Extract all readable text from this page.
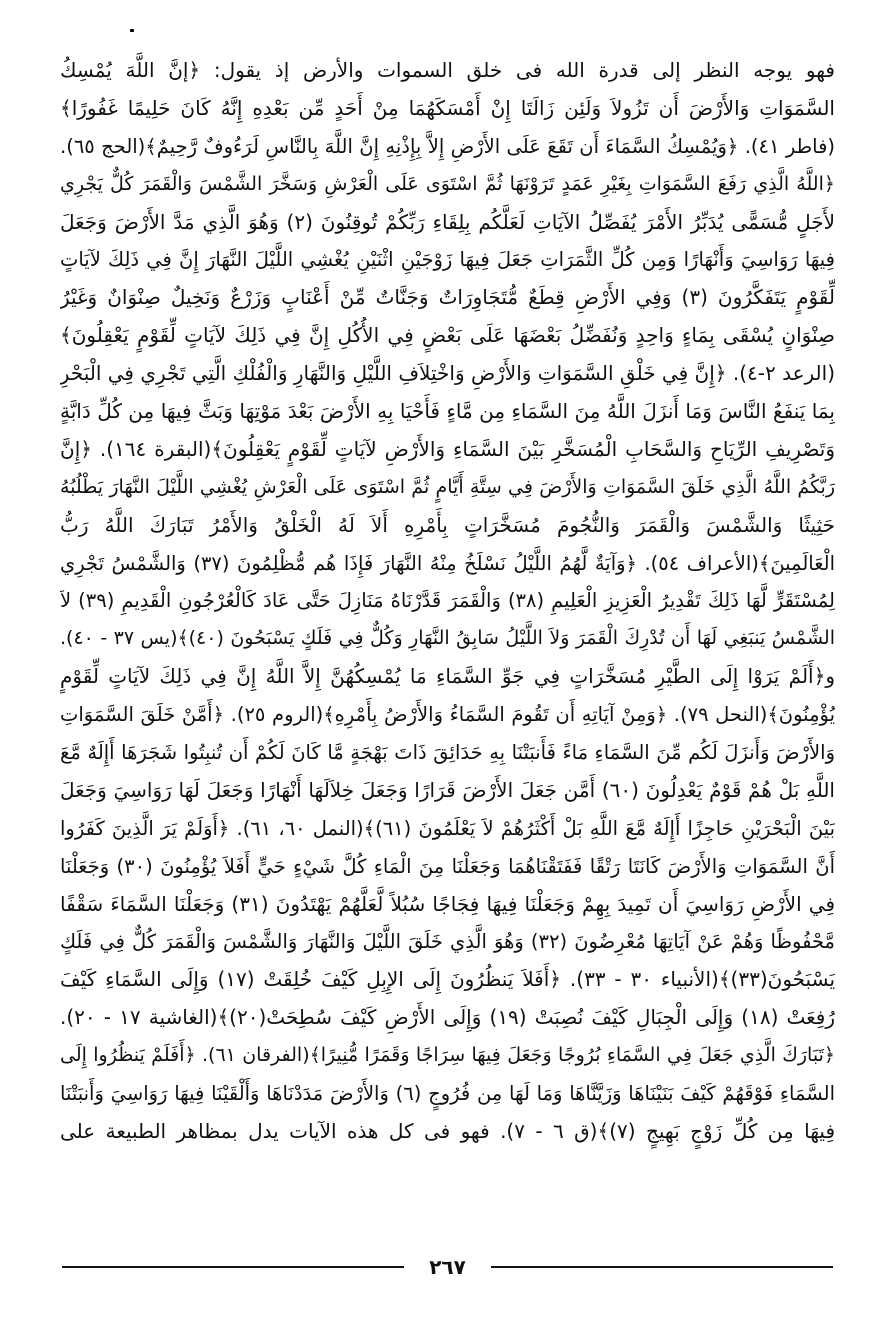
فهو يوجه النظر إلى قدرة الله فى خلق السموات والأرض إذ يقول: ﴿إنَّ اللَّهَ يُمْسِكُ
السَّمَوَاتِ وَالأَرْضَ أَن تَزُولاَ وَلَئِن زَالَتَا إِنْ أَمْسَكَهُمَا مِنْ أَحَدٍ مِّن بَعْدِهِ إِنَّهُ كَانَ حَلِيمًا غَفُورًا﴾
(فاطر ٤١). ﴿وَيُمْسِكُ السَّمَاءَ أَن تَقَعَ عَلَى الأَرْضِ إِلاَّ بِإِذْنِهِ إِنَّ اللَّهَ بِالنَّاسِ لَرَءُوفٌ رَّحِيمٌ﴾(الحج ٦٥).
﴿اللَّهُ الَّذِي رَفَعَ السَّمَوَاتِ بِغَيْرِ عَمَدٍ تَرَوْنَهَا ثُمَّ اسْتَوَى عَلَى الْعَرْشِ وَسَخَّرَ الشَّمْسَ وَالْقَمَرَ كُلٌّ يَجْرِي
لأَجَلٍ مُّسَمًّى يُدَبِّرُ الأَمْرَ يُفَصِّلُ الآيَاتِ لَعَلَّكُم بِلِقَاءِ رَبِّكُمْ تُوقِنُونَ (٢) وَهُوَ الَّذِي مَدَّ الأَرْضَ وَجَعَلَ
فِيهَا رَوَاسِيَ وَأَنْهَارًا وَمِن كُلِّ الثَّمَرَاتِ جَعَلَ فِيهَا زَوْجَيْنِ اثْنَيْنِ يُغْشِي اللَّيْلَ النَّهَارَ إِنَّ فِي ذَلِكَ لآيَاتٍ
لِّقَوْمٍ يَتَفَكَّرُونَ (٣) وَفِي الأَرْضِ قِطَعٌ مُّتَجَاوِرَاتٌ وَجَنَّاتٌ مِّنْ أَعْنَابٍ وَزَرْعٌ وَنَخِيلٌ صِنْوَانٌ وَغَيْرُ
صِنْوَانٍ يُسْقَى بِمَاءٍ وَاحِدٍ وَنُفَضِّلُ بَعْضَهَا عَلَى بَعْضٍ فِي الأُكُلِ إِنَّ فِي ذَلِكَ لآيَاتٍ لِّقَوْمٍ يَعْقِلُونَ﴾
(الرعد ٢-٤). ﴿إِنَّ فِي خَلْقِ السَّمَوَاتِ وَالأَرْضِ وَاخْتِلاَفِ اللَّيْلِ وَالنَّهَارِ وَالْفُلْكِ الَّتِي تَجْرِي فِي الْبَحْرِ
بِمَا يَنفَعُ النَّاسَ وَمَا أَنزَلَ اللَّهُ مِنَ السَّمَاءِ مِن مَّاءٍ فَأَحْيَا بِهِ الأَرْضَ بَعْدَ مَوْتِهَا وَبَثَّ فِيهَا مِن كُلِّ دَابَّةٍ
وَتَصْرِيفِ الرِّيَاحِ وَالسَّحَابِ الْمُسَخَّرِ بَيْنَ السَّمَاءِ وَالأَرْضِ لآيَاتٍ لِّقَوْمٍ يَعْقِلُونَ﴾(البقرة ١٦٤). ﴿إِنَّ
رَبَّكُمُ اللَّهُ الَّذِي خَلَقَ السَّمَوَاتِ وَالأَرْضَ فِي سِتَّةِ أَيَّامٍ ثُمَّ اسْتَوَى عَلَى الْعَرْشِ يُغْشِي اللَّيْلَ النَّهَارَ يَطْلُبُهُ
حَثِيثًا وَالشَّمْسَ وَالْقَمَرَ وَالنُّجُومَ مُسَخَّرَاتٍ بِأَمْرِهِ أَلاَ لَهُ الْخَلْقُ وَالأَمْرُ تَبَارَكَ اللَّهُ رَبُّ
الْعَالَمِينَ﴾(الأعراف ٥٤). ﴿وَآيَةٌ لَّهُمُ اللَّيْلُ نَسْلَخُ مِنْهُ النَّهَارَ فَإِذَا هُم مُّظْلِمُونَ (٣٧) وَالشَّمْسُ تَجْرِي
لِمُسْتَقَرٍّ لَّهَا ذَلِكَ تَقْدِيرُ الْعَزِيزِ الْعَلِيمِ (٣٨) وَالْقَمَرَ قَدَّرْنَاهُ مَنَازِلَ حَتَّى عَادَ كَالْعُرْجُونِ الْقَدِيمِ (٣٩) لاَ
الشَّمْسُ يَنبَغِي لَهَا أَن تُدْرِكَ الْقَمَرَ وَلاَ اللَّيْلُ سَابِقُ النَّهَارِ وَكُلٌّ فِي فَلَكٍ يَسْبَحُونَ (٤٠)﴾(يس ٣٧ - ٤٠).
و﴿أَلَمْ يَرَوْا إِلَى الطَّيْرِ مُسَخَّرَاتٍ فِي جَوِّ السَّمَاءِ مَا يُمْسِكُهُنَّ إِلاَّ اللَّهُ إِنَّ فِي ذَلِكَ لآيَاتٍ لِّقَوْمٍ
يُؤْمِنُونَ﴾(النحل ٧٩). ﴿وَمِنْ آيَاتِهِ أَن تَقُومَ السَّمَاءُ وَالأَرْضُ بِأَمْرِهِ﴾(الروم ٢٥). ﴿أَمَّنْ خَلَقَ السَّمَوَاتِ
وَالأَرْضَ وَأَنزَلَ لَكُم مِّنَ السَّمَاءِ مَاءً فَأَنبَتْنَا بِهِ حَدَائِقَ ذَاتَ بَهْجَةٍ مَّا كَانَ لَكُمْ أَن تُنبِتُوا شَجَرَهَا أَإِلَهٌ مَّعَ
اللَّهِ بَلْ هُمْ قَوْمٌ يَعْدِلُونَ (٦٠) أَمَّن جَعَلَ الأَرْضَ قَرَارًا وَجَعَلَ خِلاَلَهَا أَنْهَارًا وَجَعَلَ لَهَا رَوَاسِيَ وَجَعَلَ
بَيْنَ الْبَحْرَيْنِ حَاجِزًا أَإِلَهٌ مَّعَ اللَّهِ بَلْ أَكْثَرُهُمْ لاَ يَعْلَمُونَ (٦١)﴾(النمل ٦٠، ٦١). ﴿أَوَلَمْ يَرَ الَّذِينَ كَفَرُوا
أَنَّ السَّمَوَاتِ وَالأَرْضَ كَانَتَا رَتْقًا فَفَتَقْنَاهُمَا وَجَعَلْنَا مِنَ الْمَاءِ كُلَّ شَيْءٍ حَيٍّ أَفَلاَ يُؤْمِنُونَ (٣٠) وَجَعَلْنَا
فِي الأَرْضِ رَوَاسِيَ أَن تَمِيدَ بِهِمْ وَجَعَلْنَا فِيهَا فِجَاجًا سُبُلاً لَّعَلَّهُمْ يَهْتَدُونَ (٣١) وَجَعَلْنَا السَّمَاءَ سَقْفًا
مَّحْفُوظًا وَهُمْ عَنْ آيَاتِهَا مُعْرِضُونَ (٣٢) وَهُوَ الَّذِي خَلَقَ اللَّيْلَ وَالنَّهَارَ وَالشَّمْسَ وَالْقَمَرَ كُلٌّ فِي فَلَكٍ
يَسْبَحُونَ(٣٣)﴾(الأنبياء ٣٠ - ٣٣). ﴿أَفَلاَ يَنظُرُونَ إِلَى الإِبِلِ كَيْفَ خُلِقَتْ (١٧) وَإِلَى السَّمَاءِ كَيْفَ
رُفِعَتْ (١٨) وَإِلَى الْجِبَالِ كَيْفَ نُصِبَتْ (١٩) وَإِلَى الأَرْضِ كَيْفَ سُطِحَتْ(٢٠)﴾(الغاشية ١٧ - ٢٠).
﴿تَبَارَكَ الَّذِي جَعَلَ فِي السَّمَاءِ بُرُوجًا وَجَعَلَ فِيهَا سِرَاجًا وَقَمَرًا مُّنِيرًا﴾(الفرقان ٦١). ﴿أَفَلَمْ يَنظُرُوا إِلَى
السَّمَاءِ فَوْقَهُمْ كَيْفَ بَنَيْنَاهَا وَزَيَّنَّاهَا وَمَا لَهَا مِن فُرُوجٍ (٦) وَالأَرْضَ مَدَدْنَاهَا وَأَلْقَيْنَا فِيهَا رَوَاسِيَ وَأَنبَتْنَا
فِيهَا مِن كُلِّ زَوْجٍ بَهِيجٍ (٧)﴾(ق ٦ - ٧). فهو فى كل هذه الآيات يدل بمظاهر الطبيعة على
٢٦٧
